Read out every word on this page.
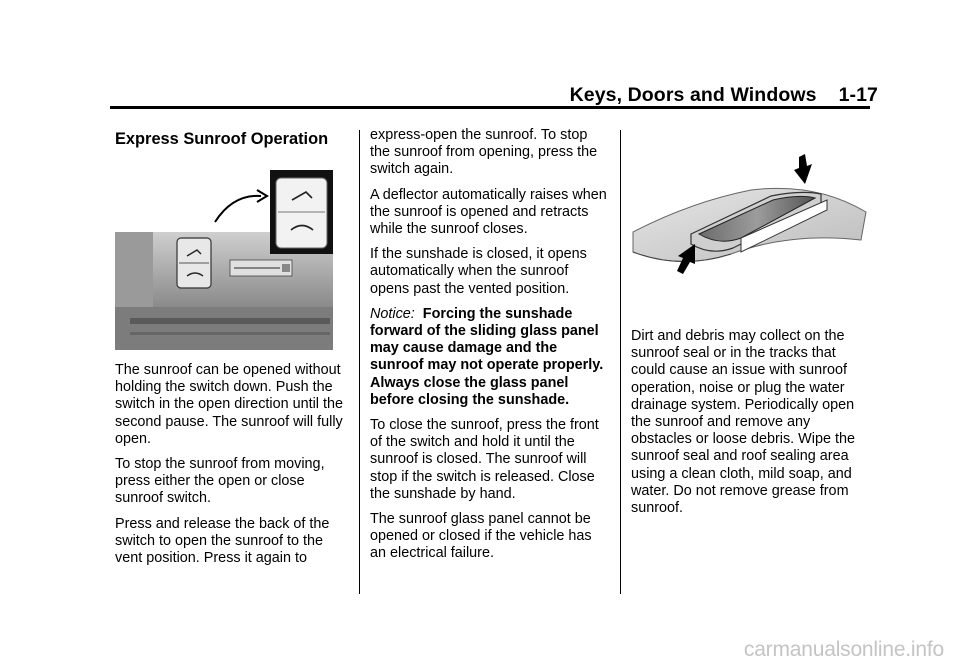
Keys, Doors and Windows 1-17
Express Sunroof Operation

The sunroof can be opened without holding the switch down. Push the switch in the open direction until the second pause. The sunroof will fully open.

To stop the sunroof from moving, press either the open or close sunroof switch.

Press and release the back of the switch to open the sunroof to the vent position. Press it again to

express-open the sunroof. To stop the sunroof from opening, press the switch again.

A deflector automatically raises when the sunroof is opened and retracts while the sunroof closes.

If the sunshade is closed, it opens automatically when the sunroof opens past the vented position.

Notice: Forcing the sunshade forward of the sliding glass panel may cause damage and the sunroof may not operate properly. Always close the glass panel before closing the sunshade.

To close the sunroof, press the front of the switch and hold it until the sunroof is closed. The sunroof will stop if the switch is released. Close the sunshade by hand.

The sunroof glass panel cannot be opened or closed if the vehicle has an electrical failure.

Dirt and debris may collect on the sunroof seal or in the tracks that could cause an issue with sunroof operation, noise or plug the water drainage system. Periodically open the sunroof and remove any obstacles or loose debris. Wipe the sunroof seal and roof sealing area using a clean cloth, mild soap, and water. Do not remove grease from sunroof.

carmanualsonline.info
